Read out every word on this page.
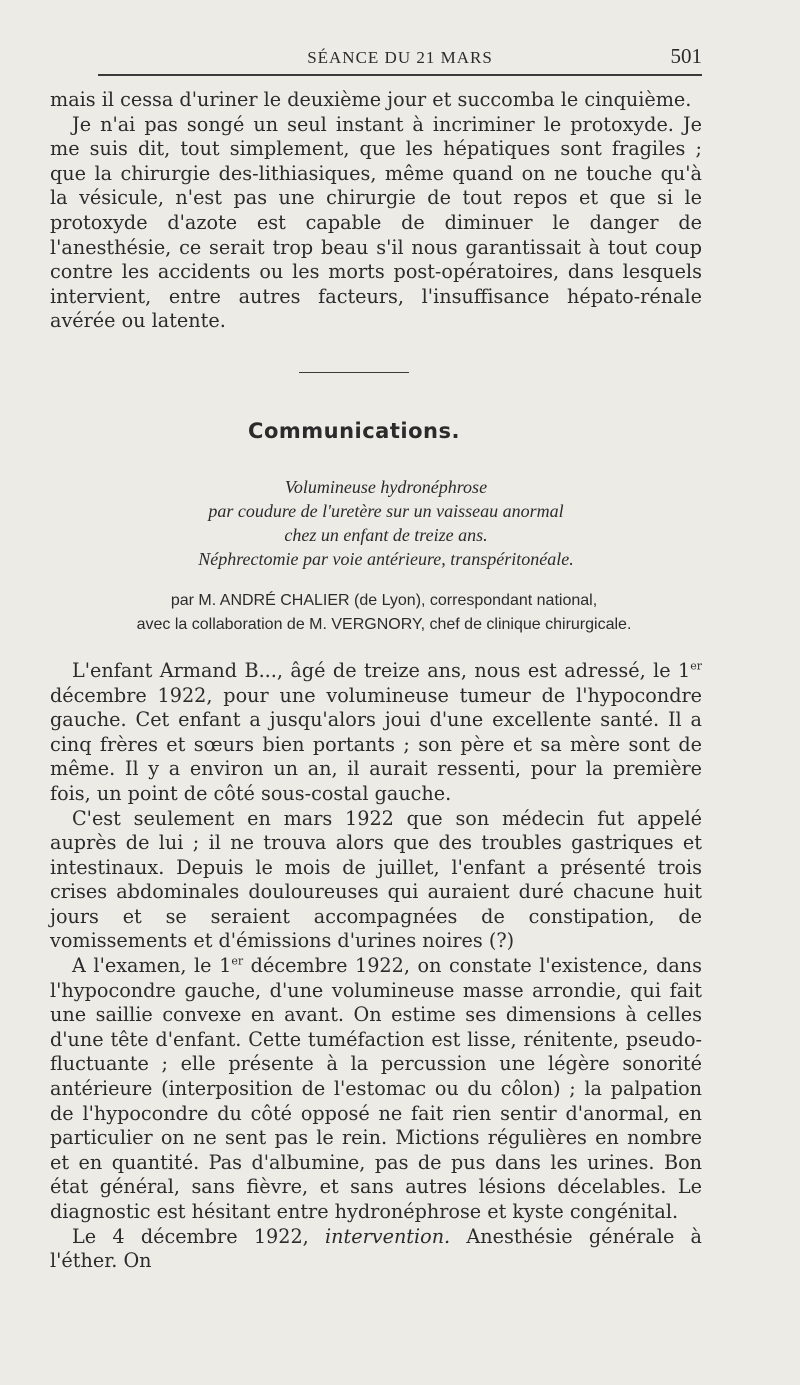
SÉANCE DU 21 MARS	501

mais il cessa d'uriner le deuxième jour et succomba le cinquième.

Je n'ai pas songé un seul instant à incriminer le protoxyde. Je me suis dit, tout simplement, que les hépatiques sont fragiles ; que la chirurgie des-lithiasiques, même quand on ne touche qu'à la vésicule, n'est pas une chirurgie de tout repos et que si le protoxyde d'azote est capable de diminuer le danger de l'anesthésie, ce serait trop beau s'il nous garantissait à tout coup contre les accidents ou les morts post-opératoires, dans lesquels intervient, entre autres facteurs, l'insuffisance hépato-rénale avérée ou latente.

Communications.
Volumineuse hydronéphrose
par coudure de l'uretère sur un vaisseau anormal
chez un enfant de treize ans.
Néphrectomie par voie antérieure, transpéritonéale.
par M. ANDRÉ CHALIER (de Lyon), correspondant national,
avec la collaboration de M. VERGNORY, chef de clinique chirurgicale.

L'enfant Armand B..., âgé de treize ans, nous est adressé, le 1er décembre 1922, pour une volumineuse tumeur de l'hypocondre gauche. Cet enfant a jusqu'alors joui d'une excellente santé. Il a cinq frères et sœurs bien portants ; son père et sa mère sont de même. Il y a environ un an, il aurait ressenti, pour la première fois, un point de côté sous-costal gauche.

C'est seulement en mars 1922 que son médecin fut appelé auprès de lui ; il ne trouva alors que des troubles gastriques et intestinaux. Depuis le mois de juillet, l'enfant a présenté trois crises abdominales douloureuses qui auraient duré chacune huit jours et se seraient accompagnées de constipation, de vomissements et d'émissions d'urines noires (?)

A l'examen, le 1er décembre 1922, on constate l'existence, dans l'hypocondre gauche, d'une volumineuse masse arrondie, qui fait une saillie convexe en avant. On estime ses dimensions à celles d'une tête d'enfant. Cette tuméfaction est lisse, rénitente, pseudo-fluctuante ; elle présente à la percussion une légère sonorité antérieure (interposition de l'estomac ou du côlon) ; la palpation de l'hypocondre du côté opposé ne fait rien sentir d'anormal, en particulier on ne sent pas le rein. Mictions régulières en nombre et en quantité. Pas d'albumine, pas de pus dans les urines. Bon état général, sans fièvre, et sans autres lésions décelables. Le diagnostic est hésitant entre hydronéphrose et kyste congénital.

Le 4 décembre 1922, intervention. Anesthésie générale à l'éther. On
